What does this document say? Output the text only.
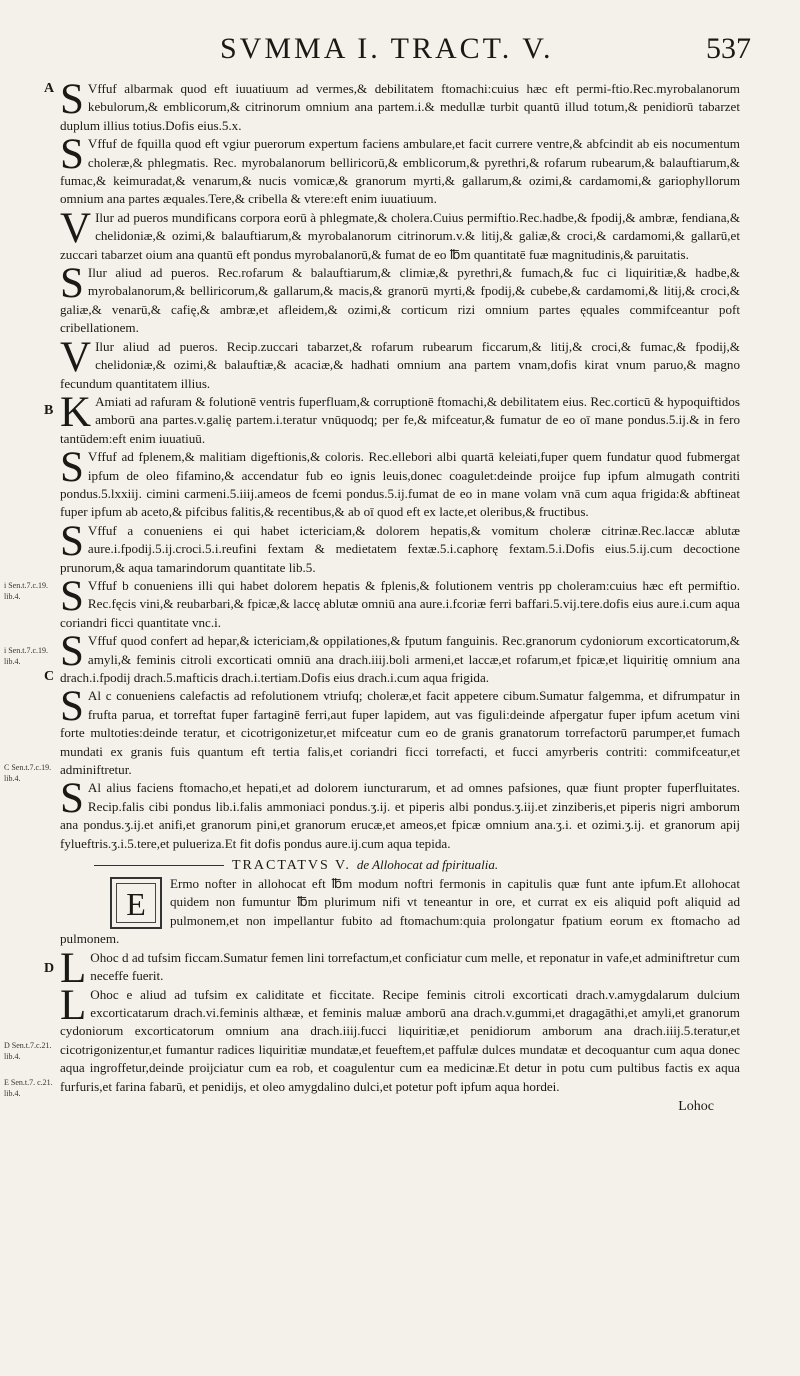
SVMMA I. TRACT. V.	537
i Sen.t.7.c.19. lib.4.
i Sen.t.7.c.19. lib.4.
C Sen.t.7.c.19. lib.4.
D Sen.t.7.c.21. lib.4.
E Sen.t.7. c.21. lib.4.
A
B
C
D

S Vffuf albarmak quod eft iuuatiuum ad vermes,& debilitatem ftomachi:cuius hæc eft permi-ftio.Rec.myrobalanorum kebulorum,& emblicorum,& citrinorum omnium ana partem.i.& medullæ turbit quantū illud totum,& penidiorū tabarzet duplum illius totius.Dofis eius.5.x.

S Vffuf de fquilla quod eft vgiur puerorum expertum faciens ambulare,et facit currere ventre,& abfcindit ab eis nocumentum choleræ,& phlegmatis. Rec. myrobalanorum belliricorū,& emblicorum,& pyrethri,& rofarum rubearum,& balauftiarum,& fumac,& keimuradat,& venarum,& nucis vomicæ,& granorum myrti,& gallarum,& ozimi,& cardamomi,& gariophyllorum omnium ana partes æquales.Tere,& cribella & vtere:eft enim iuuatiuum.

V Ilur ad pueros mundificans corpora eorū à phlegmate,& cholera.Cuius permiftio.Rec.hadbe,& fpodij,& ambræ, fendiana,& chelidoniæ,& ozimi,& balauftiarum,& myrobalanorum citrinorum.v.& litij,& galiæ,& croci,& cardamomi,& gallarū,et zuccari tabarzet oium ana quantū eft pondus myrobalanorū,& fumat de eo ℔m quantitatē fuæ magnitudinis,& paruitatis.

S Ilur aliud ad pueros. Rec.rofarum & balauftiarum,& climiæ,& pyrethri,& fumach,& fuc ci liquiritiæ,& hadbe,& myrobalanorum,& belliricorum,& gallarum,& macis,& granorū myrti,& fpodij,& cubebe,& cardamomi,& litij,& croci,& galiæ,& venarū,& cafię,& ambræ,et afleidem,& ozimi,& corticum rizi omnium partes ęquales commifceantur poft cribellationem.

V Ilur aliud ad pueros. Recip.zuccari tabarzet,& rofarum rubearum ficcarum,& litij,& croci,& fumac,& fpodij,& chelidoniæ,& ozimi,& balauftiæ,& acaciæ,& hadhati omnium ana partem vnam,dofis kirat vnum paruo,& magno fecundum quantitatem illius.

K Amiati ad rafuram & folutionē ventris fuperfluam,& corruptionē ftomachi,& debilitatem eius. Rec.corticū & hypoquiftidos amborū ana partes.v.galię partem.i.teratur vnūquodq; per fe,& mifceatur,& fumatur de eo oī mane pondus.5.ij.& in fero tantūdem:eft enim iuuatiuū.

S Vffuf ad fplenem,& malitiam digeftionis,& coloris. Rec.ellebori albi quartā keleiati,fuper quem fundatur quod fubmergat ipfum de oleo fifamino,& accendatur fub eo ignis leuis,donec coagulet:deinde proijce fup ipfum almugath contriti pondus.5.lxxiij. cimini carmeni.5.iiij.ameos de fcemi pondus.5.ij.fumat de eo in mane volam vnā cum aqua frigida:& abftineat fuper ipfum ab aceto,& pifcibus falitis,& recentibus,& ab oī quod eft ex lacte,et oleribus,& fructibus.

S Vffuf a conueniens ei qui habet ictericiam,& dolorem hepatis,& vomitum choleræ citrinæ.Rec.laccæ ablutæ aure.i.fpodij.5.ij.croci.5.i.reufini fextam & medietatem fextæ.5.i.caphorę fextam.5.i.Dofis eius.5.ij.cum decoctione prunorum,& aqua tamarindorum quantitate lib.5.

S Vffuf b conueniens illi qui habet dolorem hepatis & fplenis,& folutionem ventris pp choleram:cuius hæc eft permiftio. Rec.fęcis vini,& reubarbari,& fpicæ,& laccę ablutæ omniū ana aure.i.fcoriæ ferri baffari.5.vij.tere.dofis eius aure.i.cum aqua coriandri ficci quantitate vnc.i.

S Vffuf quod confert ad hepar,& ictericiam,& oppilationes,& fputum fanguinis. Rec.granorum cydoniorum excorticatorum,& amyli,& feminis citroli excorticati omniū ana drach.iiij.boli armeni,et laccæ,et rofarum,et fpicæ,et liquiritię omnium ana drach.i.fpodij drach.5.mafticis drach.i.tertiam.Dofis eius drach.i.cum aqua frigida.

S Al c conueniens calefactis ad refolutionem vtriufq; choleræ,et facit appetere cibum.Sumatur falgemma, et difrumpatur in frufta parua, et torreftat fuper fartaginē ferri,aut fuper lapidem, aut vas figuli:deinde afpergatur fuper ipfum acetum vini forte multoties:deinde teratur, et cicotrigonizetur,et mifceatur cum eo de granis granatorum torrefactorū parumper,et fumach mundati ex granis fuis quantum eft tertia falis,et coriandri ficci torrefacti, et fucci amyrberis contriti: commifceatur,et adminiftretur.

S Al alius faciens ftomacho,et hepati,et ad dolorem iuncturarum, et ad omnes pafsiones, quæ fiunt propter fuperfluitates. Recip.falis cibi pondus lib.i.falis ammoniaci pondus.ʒ.ij. et piperis albi pondus.ʒ.iij.et zinziberis,et piperis nigri amborum ana pondus.ʒ.ij.et anifi,et granorum pini,et granorum erucæ,et ameos,et fpicæ omnium ana.ʒ.i. et ozimi.ʒ.ij. et granorum apij fylueftris.ʒ.i.5.tere,et pulueriza.Et fit dofis pondus aure.ij.cum aqua tepida.

TRACTATVS V. de Allohocat ad fpiritualia.

E
Ermo nofter in allohocat eft ℔m modum noftri fermonis in capitulis quæ funt ante ipfum.Et allohocat quidem non fumuntur ℔m plurimum nifi vt teneantur in ore, et currat ex eis aliquid poft aliquid ad pulmonem,et non impellantur fubito ad ftomachum:quia prolongatur fpatium eorum ex ftomacho ad pulmonem.

L Ohoc d ad tufsim ficcam.Sumatur femen lini torrefactum,et conficiatur cum melle, et reponatur in vafe,et adminiftretur cum neceffe fuerit.

L Ohoc e aliud ad tufsim ex caliditate et ficcitate. Recipe feminis citroli excorticati drach.v.amygdalarum dulcium excorticatarum drach.vi.feminis althææ, et feminis maluæ amborū ana drach.v.gummi,et dragagāthi,et amyli,et granorum cydoniorum excorticatorum omnium ana drach.iiij.fucci liquiritiæ,et penidiorum amborum ana drach.iiij.5.teratur,et cicotrigonizentur,et fumantur radices liquiritiæ mundatæ,et feueftem,et paffulæ dulces mundatæ et decoquantur cum aqua donec aqua ingroffetur,deinde proijciatur cum ea rob, et coagulentur cum ea medicinæ.Et detur in potu cum pultibus factis ex aqua furfuris,et farina fabarū, et penidijs, et oleo amygdalino dulci,et potetur poft ipfum aqua hordei.

Lohoc
